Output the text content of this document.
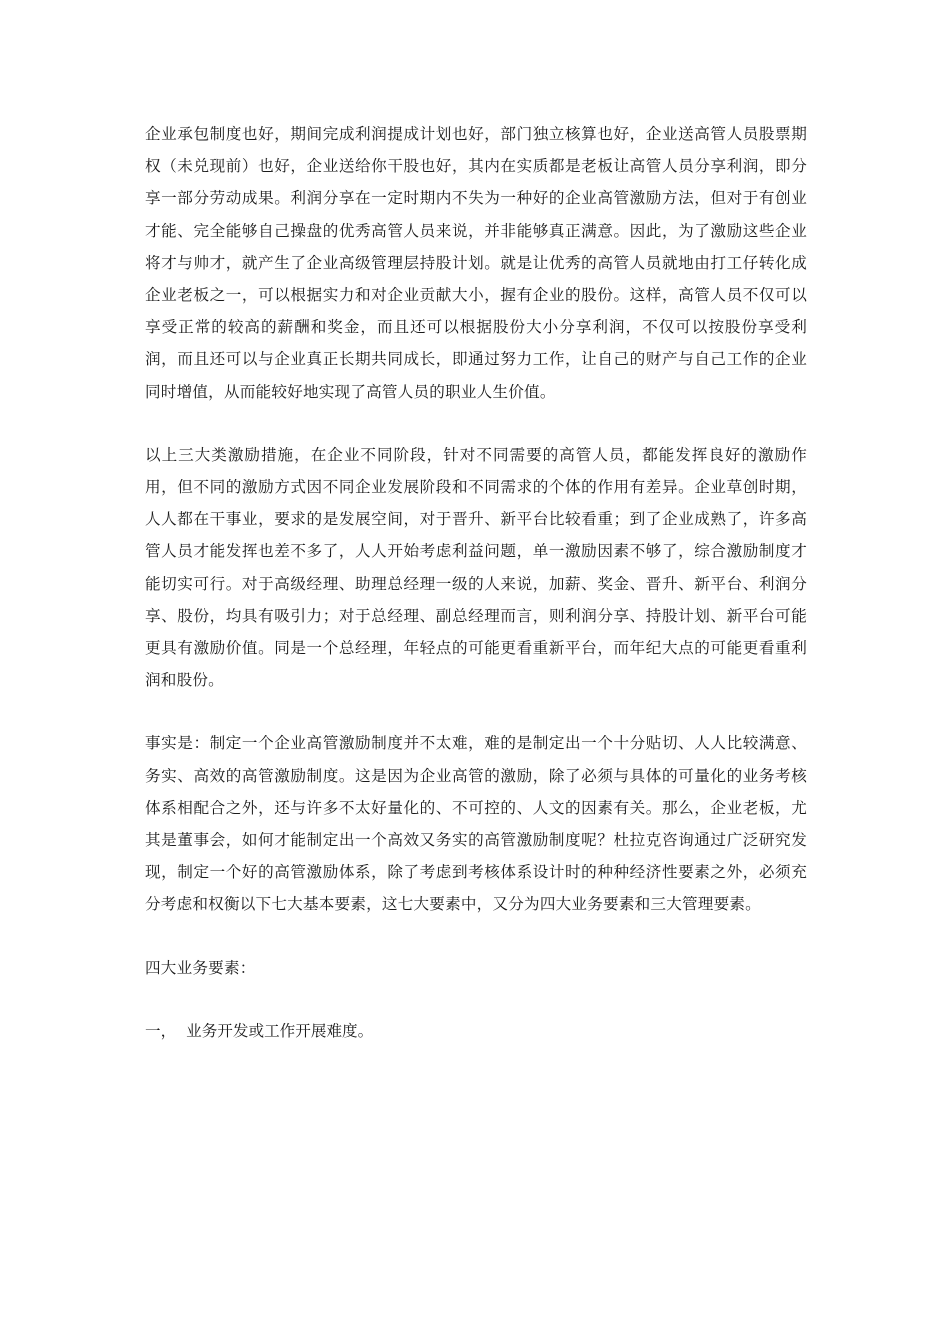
企业承包制度也好，期间完成利润提成计划也好，部门独立核算也好，企业送高管人员股票期权（未兑现前）也好，企业送给你干股也好，其内在实质都是老板让高管人员分享利润，即分享一部分劳动成果。利润分享在一定时期内不失为一种好的企业高管激励方法，但对于有创业才能、完全能够自己操盘的优秀高管人员来说，并非能够真正满意。因此，为了激励这些企业将才与帅才，就产生了企业高级管理层持股计划。就是让优秀的高管人员就地由打工仔转化成企业老板之一，可以根据实力和对企业贡献大小，握有企业的股份。这样，高管人员不仅可以享受正常的较高的薪酬和奖金，而且还可以根据股份大小分享利润，不仅可以按股份享受利润，而且还可以与企业真正长期共同成长，即通过努力工作，让自己的财产与自己工作的企业同时增值，从而能较好地实现了高管人员的职业人生价值。

以上三大类激励措施，在企业不同阶段，针对不同需要的高管人员，都能发挥良好的激励作用，但不同的激励方式因不同企业发展阶段和不同需求的个体的作用有差异。企业草创时期，人人都在干事业，要求的是发展空间，对于晋升、新平台比较看重；到了企业成熟了，许多高管人员才能发挥也差不多了，人人开始考虑利益问题，单一激励因素不够了，综合激励制度才能切实可行。对于高级经理、助理总经理一级的人来说，加薪、奖金、晋升、新平台、利润分享、股份，均具有吸引力；对于总经理、副总经理而言，则利润分享、持股计划、新平台可能更具有激励价值。同是一个总经理，年轻点的可能更看重新平台，而年纪大点的可能更看重利润和股份。

事实是：制定一个企业高管激励制度并不太难，难的是制定出一个十分贴切、人人比较满意、务实、高效的高管激励制度。这是因为企业高管的激励，除了必须与具体的可量化的业务考核体系相配合之外，还与许多不太好量化的、不可控的、人文的因素有关。那么，企业老板，尤其是董事会，如何才能制定出一个高效又务实的高管激励制度呢？杜拉克咨询通过广泛研究发现，制定一个好的高管激励体系，除了考虑到考核体系设计时的种种经济性要素之外，必须充分考虑和权衡以下七大基本要素，这七大要素中，又分为四大业务要素和三大管理要素。

四大业务要素：

一，  业务开发或工作开展难度。
